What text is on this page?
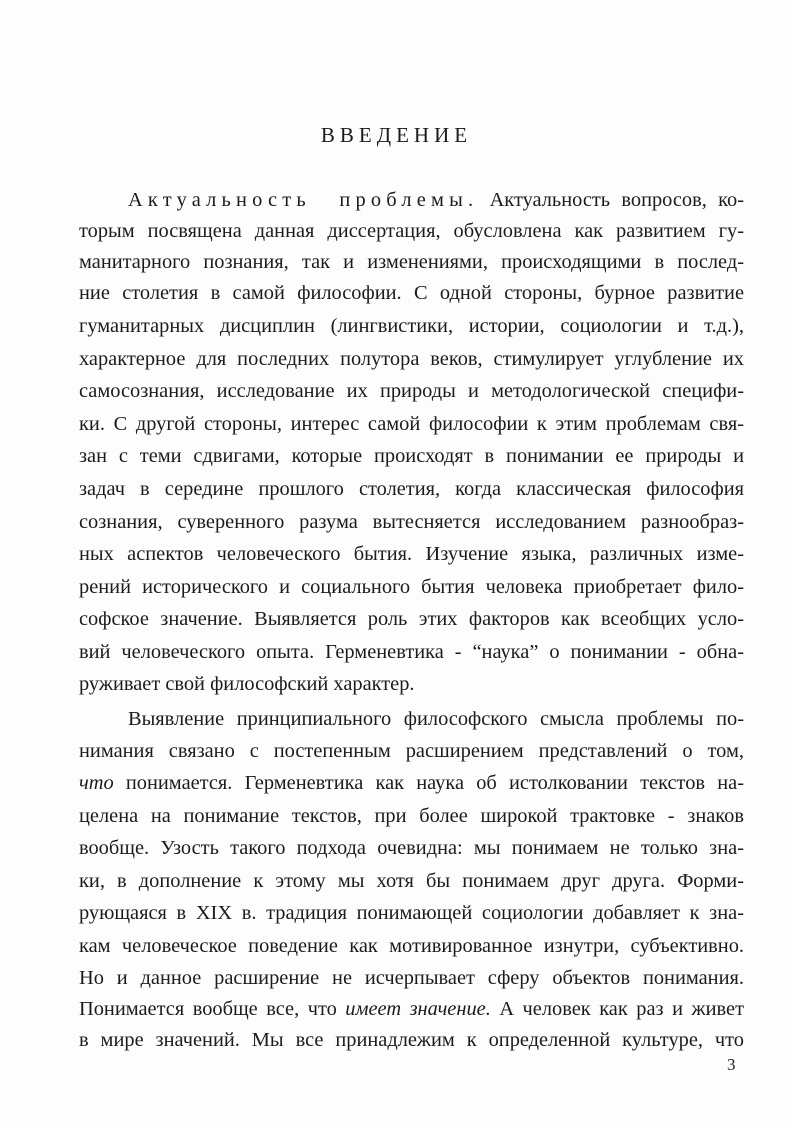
ВВЕДЕНИЕ
Актуальность проблемы. Актуальность вопросов, ко-
торым посвящена данная диссертация, обусловлена как развитием гу-
манитарного познания, так и изменениями, происходящими в послед-
ние столетия в самой философии. С одной стороны, бурное развитие
гуманитарных дисциплин (лингвистики, истории, социологии и т.д.),
характерное для последних полутора веков, стимулирует углубление их
самосознания, исследование их природы и методологической специфи-
ки. С другой стороны, интерес самой философии к этим проблемам свя-
зан с теми сдвигами, которые происходят в понимании ее природы и
задач в середине прошлого столетия, когда классическая философия
сознания, суверенного разума вытесняется исследованием разнообраз-
ных аспектов человеческого бытия. Изучение языка, различных изме-
рений исторического и социального бытия человека приобретает фило-
софское значение. Выявляется роль этих факторов как всеобщих усло-
вий человеческого опыта. Герменевтика - “наука” о понимании - обна-
руживает свой философский характер.
Выявление принципиального философского смысла проблемы по-
нимания связано с постепенным расширением представлений о том,
что понимается. Герменевтика как наука об истолковании текстов на-
целена на понимание текстов, при более широкой трактовке - знаков
вообще. Узость такого подхода очевидна: мы понимаем не только зна-
ки, в дополнение к этому мы хотя бы понимаем друг друга. Форми-
рующаяся в XIX в. традиция понимающей социологии добавляет к зна-
кам человеческое поведение как мотивированное изнутри, субъективно.
Но и данное расширение не исчерпывает сферу объектов понимания.
Понимается вообще все, что имеет значение. А человек как раз и живет
в мире значений. Мы все принадлежим к определенной культуре, что
3
